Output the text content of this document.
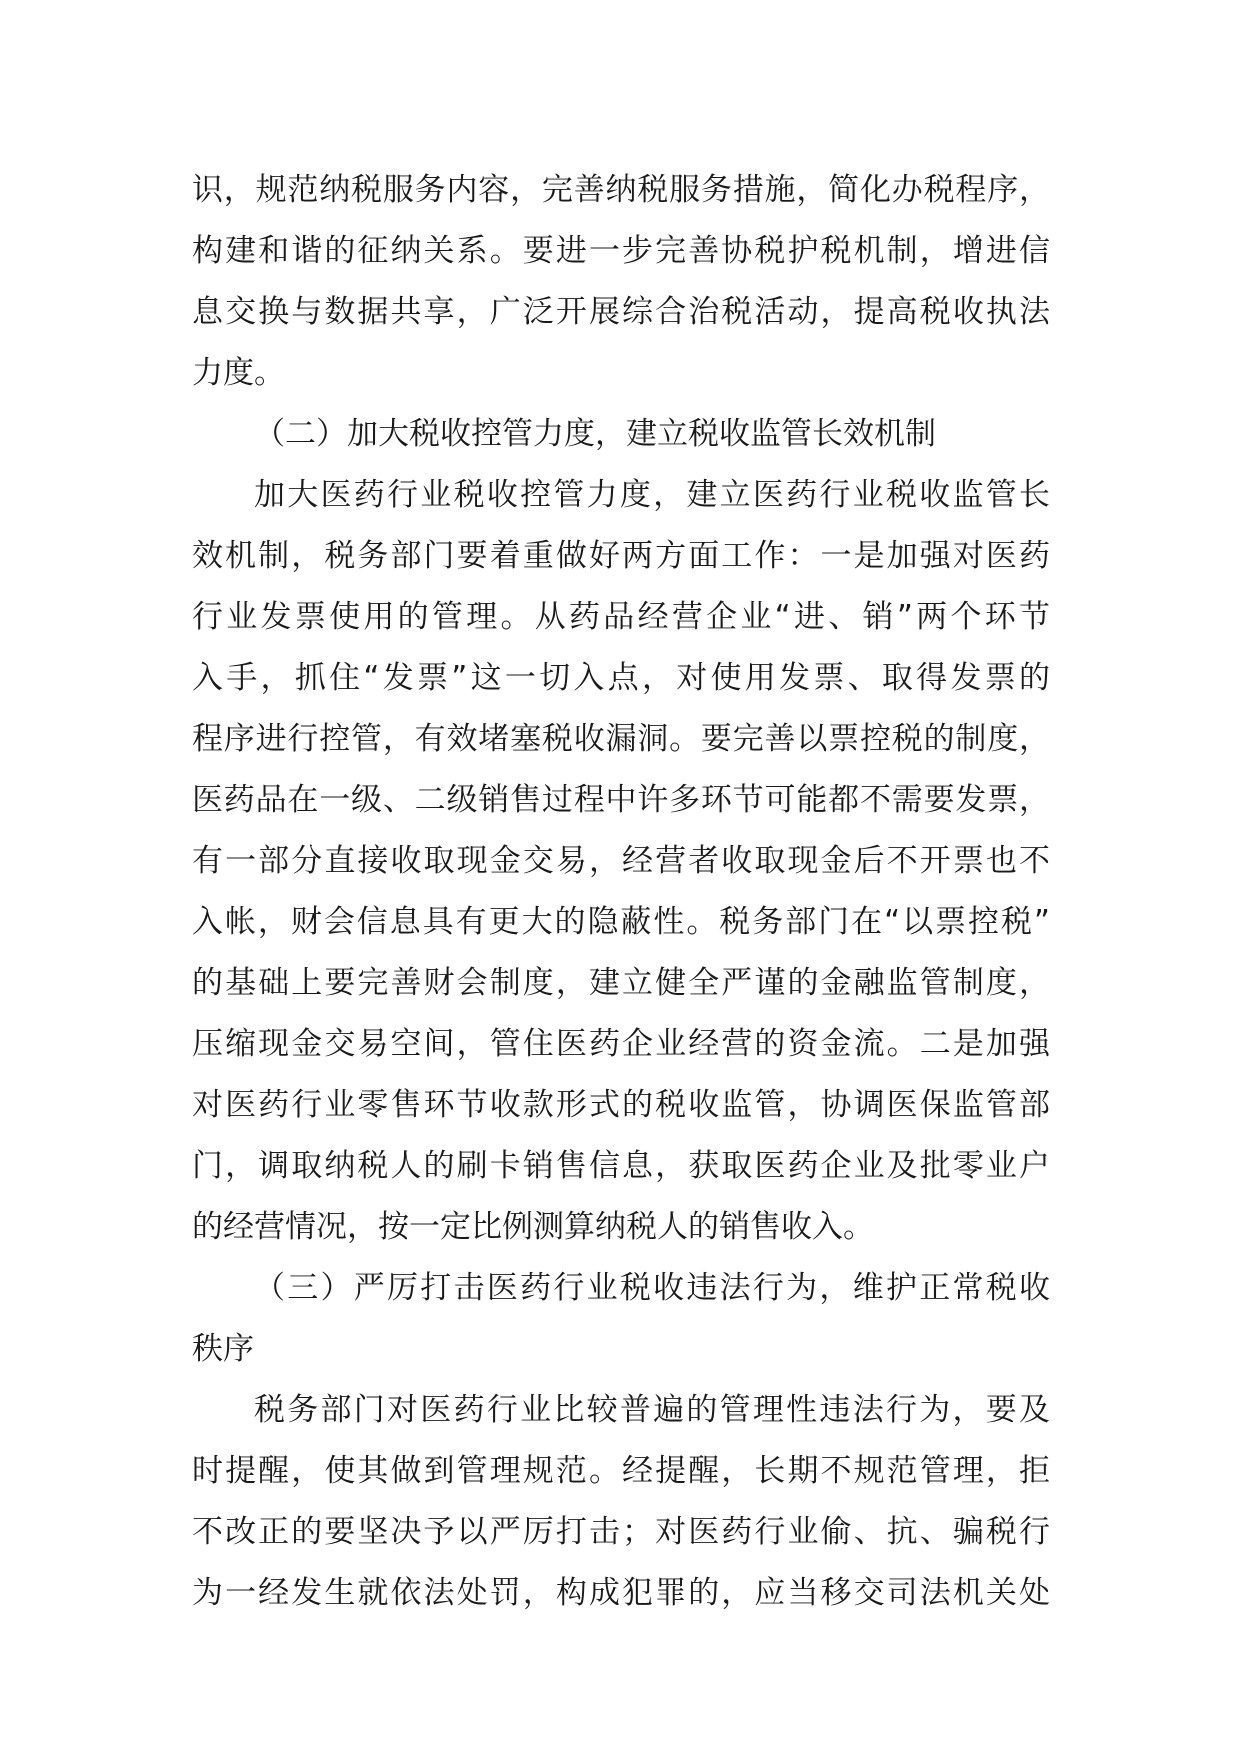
识，规范纳税服务内容，完善纳税服务措施，简化办税程序，
构建和谐的征纳关系。要进一步完善协税护税机制，增进信
息交换与数据共享，广泛开展综合治税活动，提高税收执法
力度。
（二）加大税收控管力度，建立税收监管长效机制
加大医药行业税收控管力度，建立医药行业税收监管长
效机制，税务部门要着重做好两方面工作：一是加强对医药
行业发票使用的管理。从药品经营企业“进、销”两个环节
入手，抓住“发票”这一切入点，对使用发票、取得发票的
程序进行控管，有效堵塞税收漏洞。要完善以票控税的制度，
医药品在一级、二级销售过程中许多环节可能都不需要发票，
有一部分直接收取现金交易，经营者收取现金后不开票也不
入帐，财会信息具有更大的隐蔽性。税务部门在“以票控税”
的基础上要完善财会制度，建立健全严谨的金融监管制度，
压缩现金交易空间，管住医药企业经营的资金流。二是加强
对医药行业零售环节收款形式的税收监管，协调医保监管部
门，调取纳税人的刷卡销售信息，获取医药企业及批零业户
的经营情况，按一定比例测算纳税人的销售收入。
（三）严厉打击医药行业税收违法行为，维护正常税收
秩序
税务部门对医药行业比较普遍的管理性违法行为，要及
时提醒，使其做到管理规范。经提醒，长期不规范管理，拒
不改正的要坚决予以严厉打击；对医药行业偷、抗、骗税行
为一经发生就依法处罚，构成犯罪的，应当移交司法机关处
